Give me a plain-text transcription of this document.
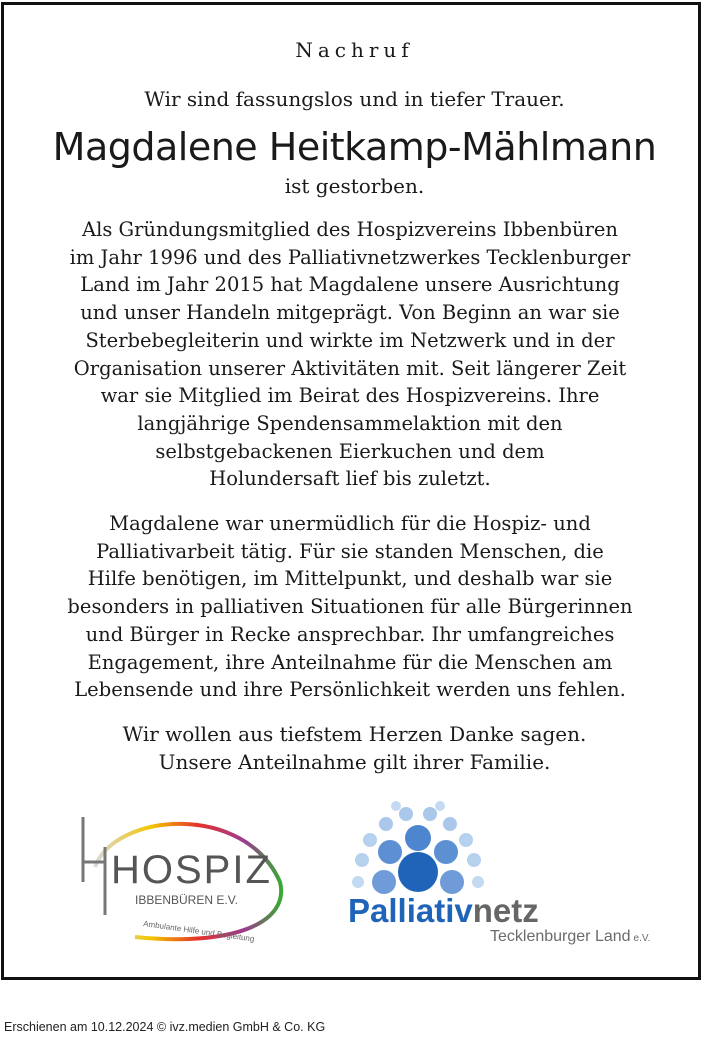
Nachruf
Wir sind fassungslos und in tiefer Trauer.
Magdalene Heitkamp-Mählmann
ist gestorben.
Als Gründungsmitglied des Hospizvereins Ibbenbüren
im Jahr 1996 und des Palliativnetzwerkes Tecklenburger
Land im Jahr 2015 hat Magdalene unsere Ausrichtung
und unser Handeln mitgeprägt. Von Beginn an war sie
Sterbebegleiterin und wirkte im Netzwerk und in der
Organisation unserer Aktivitäten mit. Seit längerer Zeit
war sie Mitglied im Beirat des Hospizvereins. Ihre
langjährige Spendensammelaktion mit den
selbstgebackenen Eierkuchen und dem
Holundersaft lief bis zuletzt.
Magdalene war unermüdlich für die Hospiz- und
Palliativarbeit tätig. Für sie standen Menschen, die
Hilfe benötigen, im Mittelpunkt, und deshalb war sie
besonders in palliativen Situationen für alle Bürgerinnen
und Bürger in Recke ansprechbar. Ihr umfangreiches
Engagement, ihre Anteilnahme für die Menschen am
Lebensende und ihre Persönlichkeit werden uns fehlen.
Wir wollen aus tiefstem Herzen Danke sagen.
Unsere Anteilnahme gilt ihrer Familie.
HOSPIZ
IBBENBÜREN E.V.
Ambulante Hilfe und Begleitung
Palliativnetz
Tecklenburger Land e.V.
Erschienen am 10.12.2024 © ivz.medien GmbH & Co. KG
